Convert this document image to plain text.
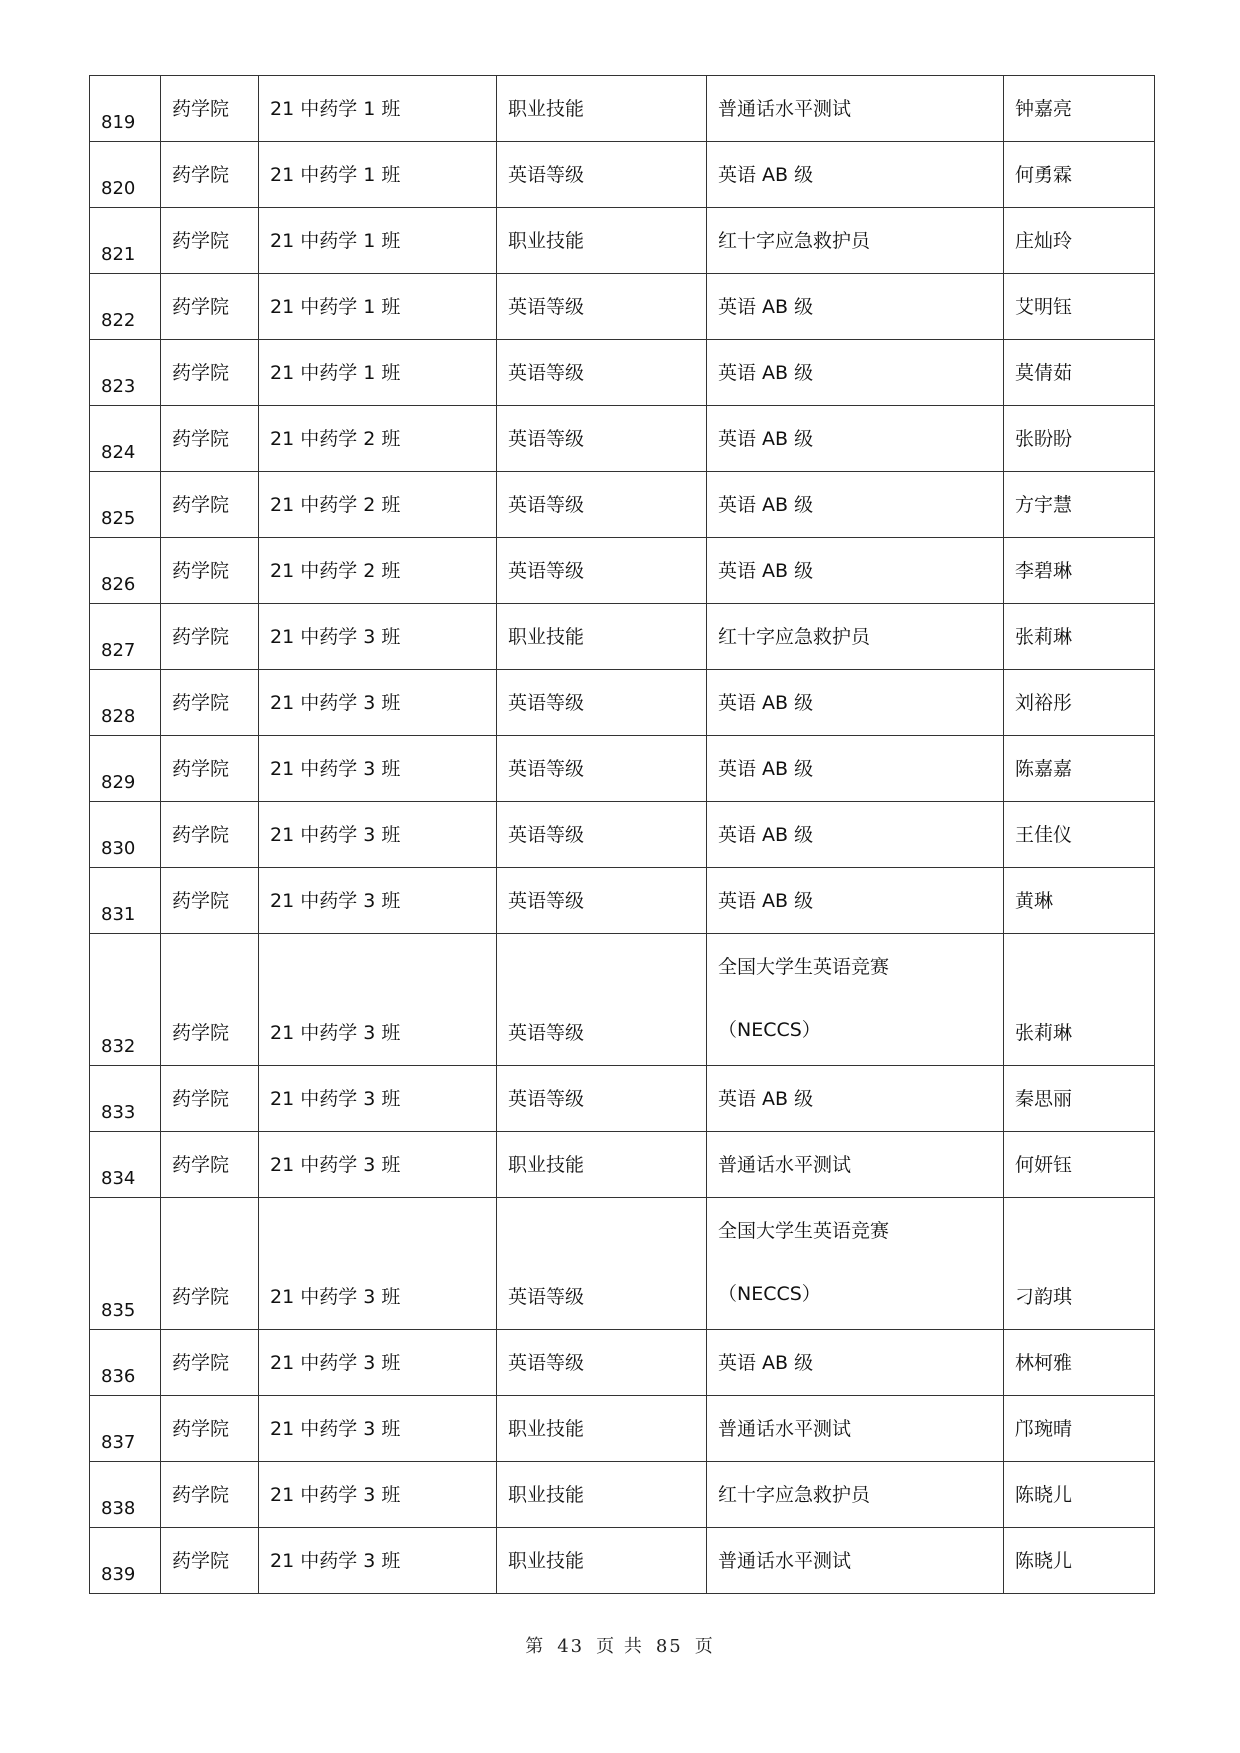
819	药学院	21 中药学 1 班	职业技能	普通话水平测试	钟嘉亮

820	药学院	21 中药学 1 班	英语等级	英语 AB 级	何勇霖

821	药学院	21 中药学 1 班	职业技能	红十字应急救护员	庄灿玲

822	药学院	21 中药学 1 班	英语等级	英语 AB 级	艾明钰

823	药学院	21 中药学 1 班	英语等级	英语 AB 级	莫倩茹

824	药学院	21 中药学 2 班	英语等级	英语 AB 级	张盼盼

825	药学院	21 中药学 2 班	英语等级	英语 AB 级	方宇慧

826	药学院	21 中药学 2 班	英语等级	英语 AB 级	李碧琳

827	药学院	21 中药学 3 班	职业技能	红十字应急救护员	张莉琳

828	药学院	21 中药学 3 班	英语等级	英语 AB 级	刘裕彤

829	药学院	21 中药学 3 班	英语等级	英语 AB 级	陈嘉嘉

830	药学院	21 中药学 3 班	英语等级	英语 AB 级	王佳仪

831	药学院	21 中药学 3 班	英语等级	英语 AB 级	黄琳

832	药学院	21 中药学 3 班	英语等级	全国大学生英语竞赛
（NECCS）	张莉琳

833	药学院	21 中药学 3 班	英语等级	英语 AB 级	秦思丽

834	药学院	21 中药学 3 班	职业技能	普通话水平测试	何妍钰

835	药学院	21 中药学 3 班	英语等级	全国大学生英语竞赛
（NECCS）	刁韵琪

836	药学院	21 中药学 3 班	英语等级	英语 AB 级	林柯雅

837	药学院	21 中药学 3 班	职业技能	普通话水平测试	邝琬晴

838	药学院	21 中药学 3 班	职业技能	红十字应急救护员	陈晓儿

839	药学院	21 中药学 3 班	职业技能	普通话水平测试	陈晓儿
第 43 页 共 85 页
